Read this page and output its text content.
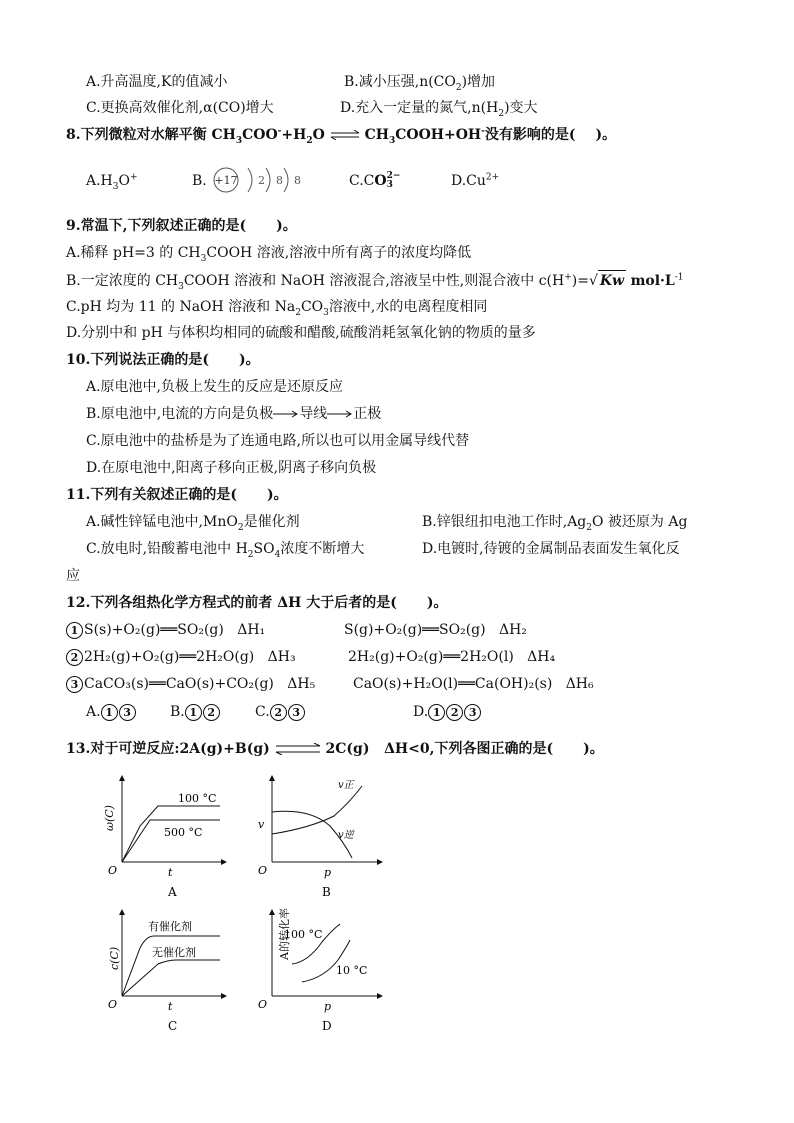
A.升高温度,K的值减小	B.减小压强$,n(CO_2)$增加
C.更换高效催化剂,α(CO)增大	D.充入一定量的氮气$,n(H_2)$变大
8.下列微粒对水解平衡 $CH_3COO^-+H_2O$ ⇌ $CH_3COOH+OH^-$没有影响的是( )。
$A.H_3O^+$	B. +17 2 8 8	C.CO 2−
3	$D.Cu^{2+}$
9.常温下,下列叙述正确的是( )。
A.稀释 pH=3 的 $CH_3COOH$ 溶液,溶液中所有离子的浓度均降低
B.一定浓度的 $CH_3COOH$ 溶液和 NaOH 溶液混合,溶液呈中性,则混合液中 c(H+)=√ Kw $mol\cdot L^{-1}$
C.pH 均为 11 的 NaOH 溶液和 $Na_2CO_3$溶液中,水的电离程度相同
D.分别中和 pH 与体积均相同的硫酸和醋酸,硫酸消耗氢氧化钠的物质的量多
10.下列说法正确的是( )。
A.原电池中,负极上发生的反应是还原反应
B.原电池中,电流的方向是负极 导线 正极
C.原电池中的盐桥是为了连通电路,所以也可以用金属导线代替
D.在原电池中,阳离子移向正极,阴离子移向负极
11.下列有关叙述正确的是( )。
A.碱性锌锰电池中,MnO$_2$是催化剂	B.锌银纽扣电池工作时$,Ag_2O$ 被还原为 Ag
C.放电时,铅酸蓄电池中 $H_2SO_4$浓度不断增大	D.电镀时,待镀的金属制品表面发生氧化反
应
12.下列各组热化学方程式的前者 ΔH 大于后者的是( )。
1 S(s)+O₂(g)══SO₂(g) ΔH₁	S(g)+O₂(g)══SO₂(g) ΔH₂
2 2H₂(g)+O₂(g)══2H₂O(g) ΔH₃	2H₂(g)+O₂(g)══2H₂O(l) ΔH₄
3 CaCO₃(s)══CaO(s)+CO₂(g) ΔH₅	CaO(s)+H₂O(l)══Ca(OH)₂(s) ΔH₆
A. 1 3	B. 1 2	C. 2 3	D. 1 2 3
13.对于可逆反应:2A(g)+B(g) ⇌ 2C(g) ΔH<0,下列各图正确的是( )。
ω(C)
t
O
100 °C
500 °C
A
v
p
O
v正
v逆
B
c(C)
t
O
有催化剂
无催化剂
C
A的转化率
p
O
100 °C
10 °C
D
